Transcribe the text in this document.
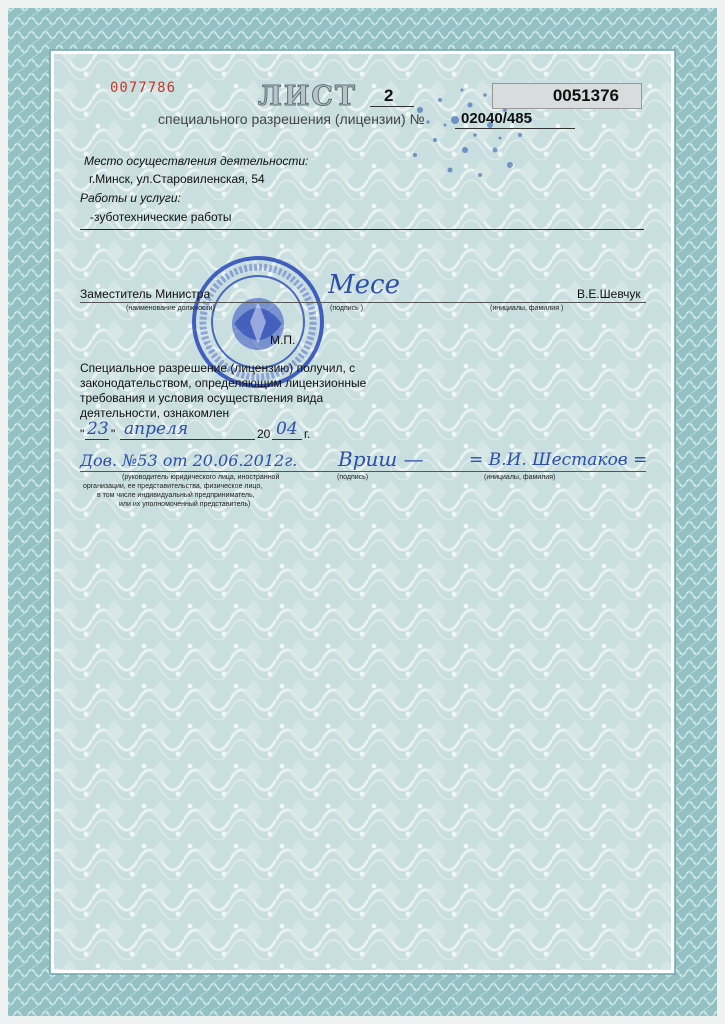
0077786	ЛИСТ 2	0051376
специального разрешения (лицензии) № 02040/485
Место осуществления деятельности:
г.Минск, ул.Старовиленская, 54
Работы и услуги:
-зуботехнические работы
Заместитель Министра	Mece	В.Е.Шевчук
(наименование должности)	(подпись )	(инициалы, фамилия )
М.П.
Специальное разрешение (лицензию) получил, с
законодательством, определяющим лицензионные
требования и условия осуществления вида
деятельности, ознакомлен
" 23 " апреля	20 04 г.
Дов. №53 от 20.06.2012г. Вриш —	= В.И. Шестаков =
(руководитель юридического лица, иностранной
организации, ее представительства, физическое лицо,
в том числе индивидуальный предприниматель,
или их уполномоченный представитель)
(подпись)	(инициалы, фамилия)
